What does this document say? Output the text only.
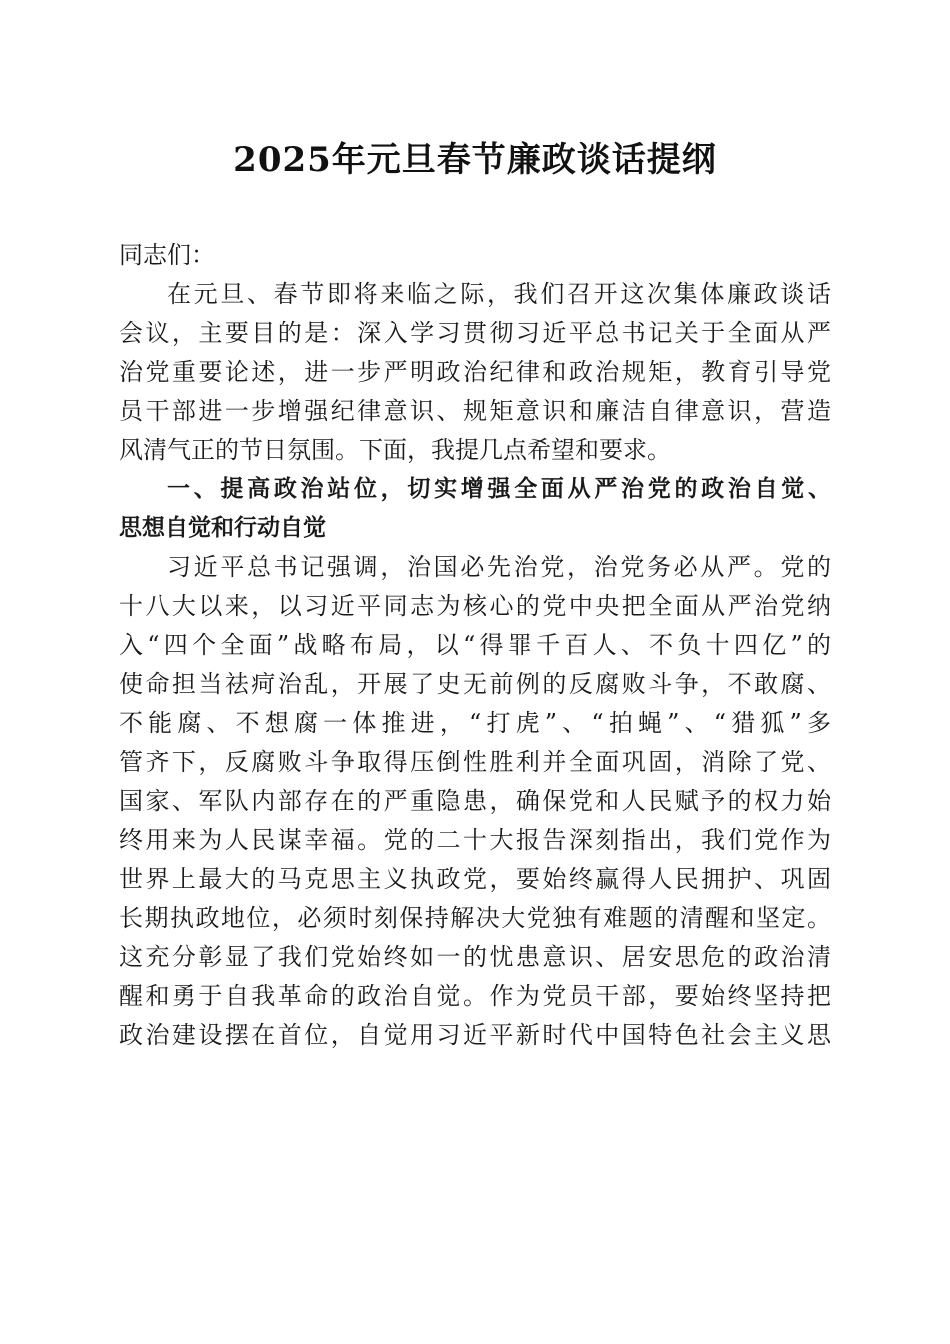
2025年元旦春节廉政谈话提纲
同志们：
在元旦、春节即将来临之际，我们召开这次集体廉政谈话
会议，主要目的是：深入学习贯彻习近平总书记关于全面从严
治党重要论述，进一步严明政治纪律和政治规矩，教育引导党
员干部进一步增强纪律意识、规矩意识和廉洁自律意识，营造
风清气正的节日氛围。下面，我提几点希望和要求。
一、提高政治站位，切实增强全面从严治党的政治自觉、
思想自觉和行动自觉
习近平总书记强调，治国必先治党，治党务必从严。党的
十八大以来，以习近平同志为核心的党中央把全面从严治党纳
入“四个全面”战略布局，以“得罪千百人、不负十四亿”的
使命担当祛疴治乱，开展了史无前例的反腐败斗争，不敢腐、
不能腐、不想腐一体推进，“打虎”、“拍蝇”、“猎狐”多
管齐下，反腐败斗争取得压倒性胜利并全面巩固，消除了党、
国家、军队内部存在的严重隐患，确保党和人民赋予的权力始
终用来为人民谋幸福。党的二十大报告深刻指出，我们党作为
世界上最大的马克思主义执政党，要始终赢得人民拥护、巩固
长期执政地位，必须时刻保持解决大党独有难题的清醒和坚定。
这充分彰显了我们党始终如一的忧患意识、居安思危的政治清
醒和勇于自我革命的政治自觉。作为党员干部，要始终坚持把
政治建设摆在首位，自觉用习近平新时代中国特色社会主义思
